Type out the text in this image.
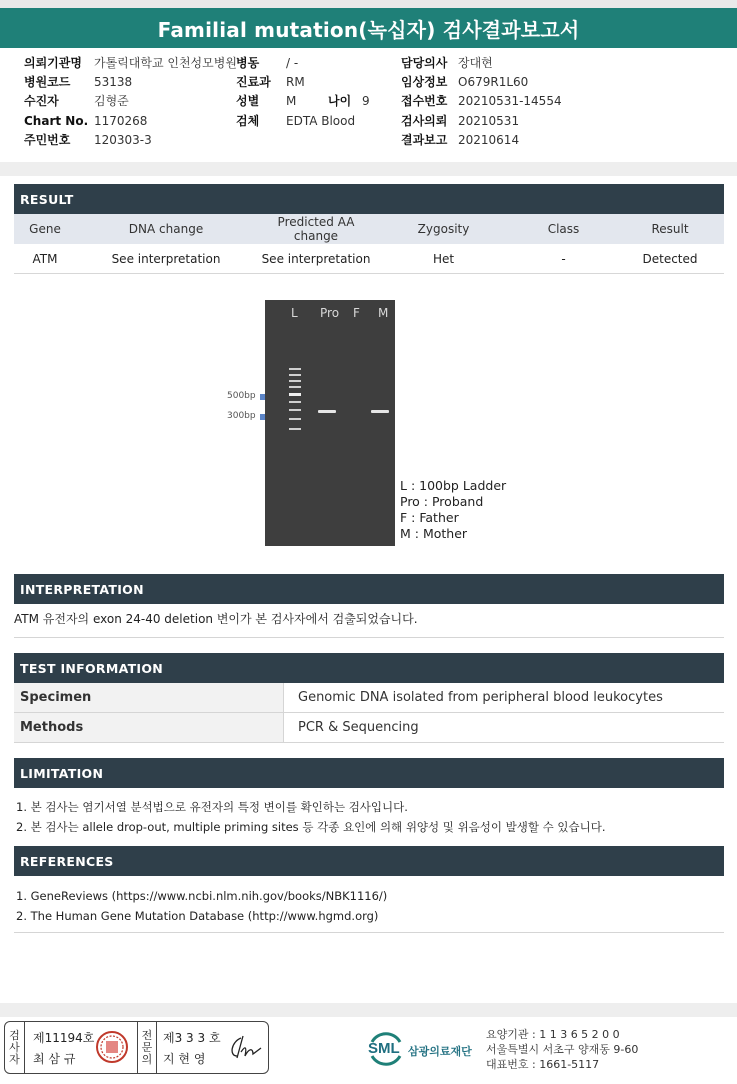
Familial mutation(녹십자) 검사결과보고서
의뢰기관명 가톨릭대학교 인천성모병원
병원코드 53138
수진자	김형준
Chart No. 1170268
주민번호 120303-3
병동 / -
진료과 RM
성별 M	나이 9
검체 EDTA Blood
담당의사 장대현
임상정보 O679R1L60
접수번호 20210531-14554
검사의뢰 20210531
결과보고 20210614
RESULT
Gene	DNA change	Predicted AA change	Zygosity	Class	Result
ATM	See interpretation	See interpretation	Het	-	Detected
500bp
300bp
L Pro F M
L : 100bp Ladder
Pro : Proband
F : Father
M : Mother
INTERPRETATION
ATM 유전자의 exon 24-40 deletion 변이가 본 검사자에서 검출되었습니다.
TEST INFORMATION
Specimen	Genomic DNA isolated from peripheral blood leukocytes
Methods	PCR & Sequencing
LIMITATION
1. 본 검사는 염기서열 분석법으로 유전자의 특정 변이를 확인하는 검사입니다.
2. 본 검사는 allele drop-out, multiple priming sites 등 각종 요인에 의해 위양성 및 위음성이 발생할 수 있습니다.
REFERENCES
1. GeneReviews (https://www.ncbi.nlm.nih.gov/books/NBK1116/)
2. The Human Gene Mutation Database (http://www.hgmd.org)
검
사
자
제11194호
최 삼 규
전
문
의
제3 3 3 호
지 현 영
SML 삼광의료재단
요양기관 : 1 1 3 6 5 2 0 0
서울특별시 서초구 양재동 9-60
대표번호 : 1661-5117
